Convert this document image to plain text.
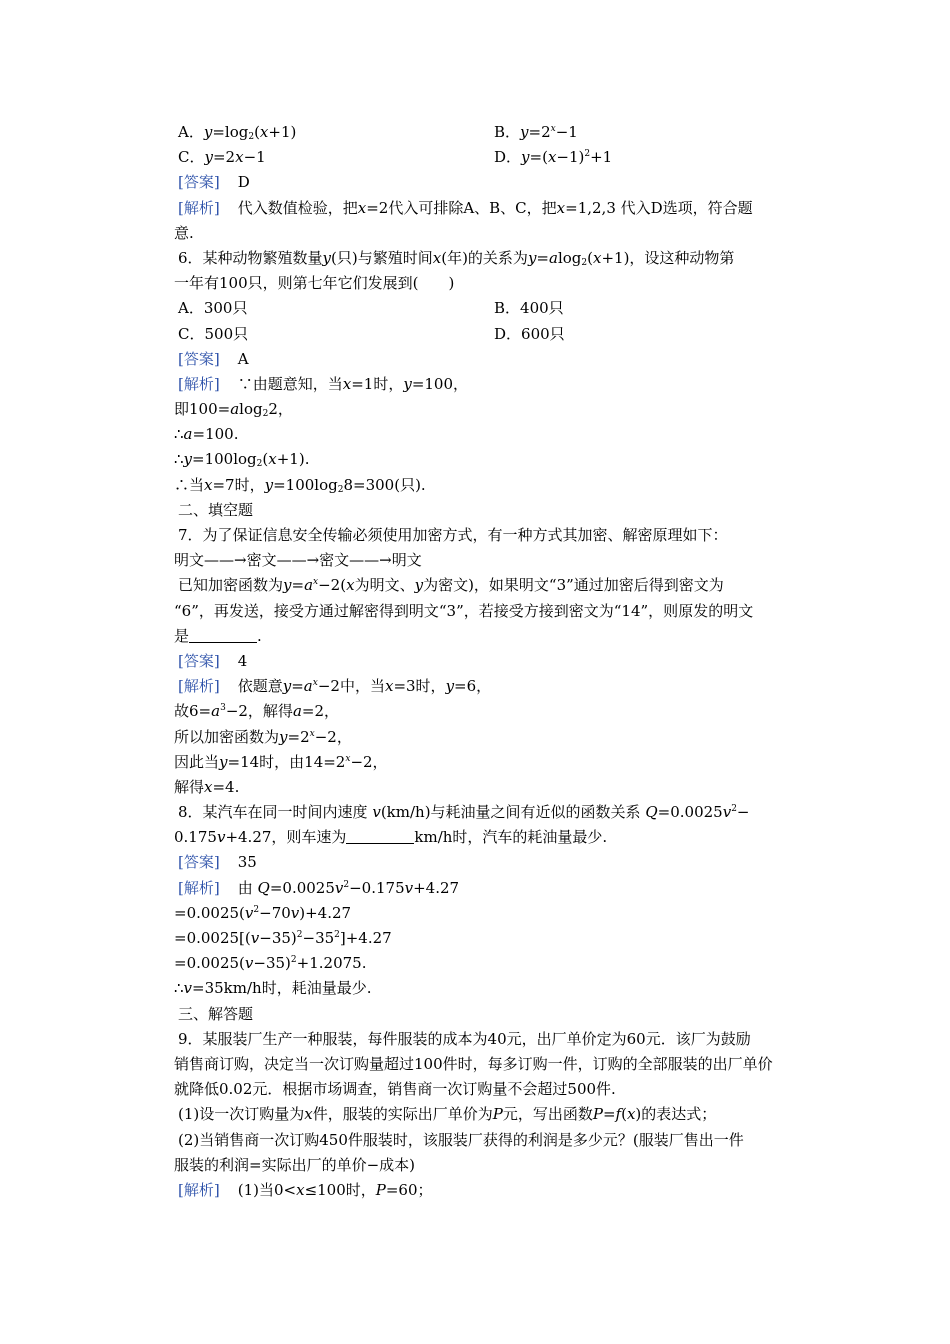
A．$y=\log_2(x+1)$	B．$y=2^x-1$
C．y=2x−1	D．$y=(x-1)^2+1$
[答案] D
[解析] 代入数值检验，把x=2代入可排除A、B、C，把x=1,2,3 代入D选项，符合题
意.
6．某种动物繁殖数量y(只)与繁殖时间x(年)的关系为y=alog$_2$(x+1)，设这种动物第
一年有100只，则第七年它们发展到(　　)
A．300只	B．400只
C．500只	D．600只
[答案] A
[解析] ∵由题意知，当x=1时，y=100，
即100=alog$_2$2，
∴a=100.
$\therefore y=100\log_2(x+1)$.
∴当x=7时，$y=100\log_28=300$(只).
二、填空题
7．为了保证信息安全传输必须使用加密方式，有一种方式其加密、解密原理如下：
明文——→密文——→密文——→明文
已知加密函数为$y=a^x-2(x$为明文、y为密文)，如果明文“3”通过加密后得到密文为
“6”，再发送，接受方通过解密得到明文“3”，若接受方接到密文为“14”，则原发的明文
是	.
[答案] 4
[解析] 依题意$y=a^x-2$中，当x=3时，y=6，
故$6=a^3-2$，解得a=2，
所以加密函数为$y=2^x-2$，
因此当y=14时，由$14=2^x-2$，
解得x=4.
8．某汽车在同一时间内速度 v(km/h)与耗油量之间有近似的函数关系 $Q=0.0025v^2-$
0.175v+4.27，则车速为	km/h时，汽车的耗油量最少.
[答案] 35
[解析] 由 $Q=0.0025v^2-0.175v+4.27$
$=0.0025(v^2-70v)+4.27$
$=0.0025[(v-35)^2-35^2]+4.27$
$=0.0025(v-35)^2+1.2075$.
∴v=35km/h时，耗油量最少.
三、解答题
9．某服装厂生产一种服装，每件服装的成本为40元，出厂单价定为60元．该厂为鼓励
销售商订购，决定当一次订购量超过100件时，每多订购一件，订购的全部服装的出厂单价
就降低0.02元．根据市场调查，销售商一次订购量不会超过500件.
(1)设一次订购量为x件，服装的实际出厂单价为P元，写出函数P=f(x)的表达式；
(2)当销售商一次订购450件服装时，该服装厂获得的利润是多少元？(服装厂售出一件
服装的利润=实际出厂的单价−成本)
[解析] (1)当0<x≤100时，P=60；
